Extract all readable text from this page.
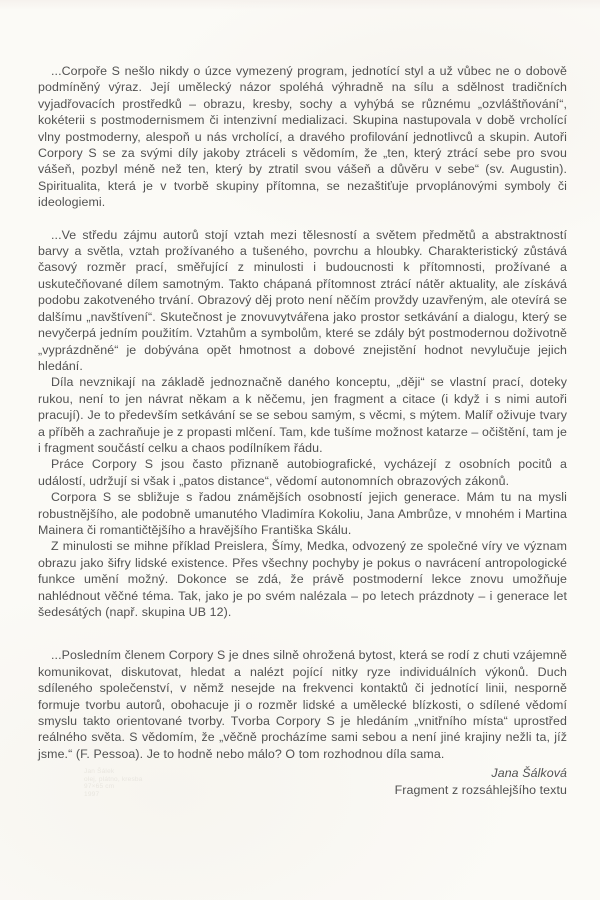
...Corpoře S nešlo nikdy o úzce vymezený program, jednotící styl a už vůbec ne o dobově podmíněný výraz. Její umělecký názor spoléhá výhradně na sílu a sdělnost tradičních vyjadřovacích prostředků – obrazu, kresby, sochy a vyhýbá se různému „ozvláštňování“, kokéterii s postmodernismem či intenzivní medializaci. Skupina nastupovala v době vrcholící vlny postmoderny, alespoň u nás vrcholící, a dravého profilování jednotlivců a skupin. Autoři Corpory S se za svými díly jakoby ztráceli s vědomím, že „ten, který ztrácí sebe pro svou vášeň, pozbyl méně než ten, který by ztratil svou vášeň a důvěru v sebe“ (sv. Augustin). Spiritualita, která je v tvorbě skupiny přítomna, se nezaštiťuje prvoplánovými symboly či ideologiemi.

...Ve středu zájmu autorů stojí vztah mezi tělesností a světem předmětů a abstraktností barvy a světla, vztah prožívaného a tušeného, povrchu a hloubky. Charakteristický zůstává časový rozměr prací, směřující z minulosti i budoucnosti k přítomnosti, prožívané a uskutečňované dílem samotným. Takto chápaná přítomnost ztrácí nátěr aktuality, ale získává podobu zakotveného trvání. Obrazový děj proto není něčím provždy uzavřeným, ale otevírá se dalšímu „navštívení“. Skutečnost je znovuvytvářena jako prostor setkávání a dialogu, který se nevyčerpá jedním použitím. Vztahům a symbolům, které se zdály být postmodernou doživotně „vyprázdněné“ je dobývána opět hmotnost a dobové znejistění hodnot nevylučuje jejich hledání.

Díla nevznikají na základě jednoznačně daného konceptu, „ději“ se vlastní prací, doteky rukou, není to jen návrat někam a k něčemu, jen fragment a citace (i když i s nimi autoři pracují). Je to především setkávání se se sebou samým, s věcmi, s mýtem. Malíř oživuje tvary a příběh a zachraňuje je z propasti mlčení. Tam, kde tušíme možnost katarze – očištění, tam je i fragment součástí celku a chaos podílníkem řádu.

Práce Corpory S jsou často přiznaně autobiografické, vycházejí z osobních pocitů a událostí, udržují si však i „patos distance“, vědomí autonomních obrazových zákonů.

Corpora S se sbližuje s řadou známějších osobností jejich generace. Mám tu na mysli robustnějšího, ale podobně umanutého Vladimíra Kokoliu, Jana Ambrůze, v mnohém i Martina Mainera či romantičtějšího a hravějšího Františka Skálu.

Z minulosti se mihne příklad Preislera, Šímy, Medka, odvozený ze společné víry ve význam obrazu jako šifry lidské existence. Přes všechny pochyby je pokus o navrácení antropologické funkce umění možný. Dokonce se zdá, že právě postmoderní lekce znovu umožňuje nahlédnout věčné téma. Tak, jako je po svém nalézala – po letech prázdnoty – i generace let šedesátých (např. skupina UB 12).

...Posledním členem Corpory S je dnes silně ohrožená bytost, která se rodí z chuti vzájemně komunikovat, diskutovat, hledat a nalézt pojící nitky ryze individuálních výkonů. Duch sdíleného společenství, v němž nesejde na frekvenci kontaktů či jednotící linii, nesporně formuje tvorbu autorů, obohacuje ji o rozměr lidské a umělecké blízkosti, o sdílené vědomí smyslu takto orientované tvorby. Tvorba Corpory S je hledáním „vnitřního místa“ uprostřed reálného světa. S vědomím, že „věčně procházíme sami sebou a není jiné krajiny nežli ta, jíž jsme.“ (F. Pessoa). Je to hodně nebo málo? O tom rozhodnou díla sama.

Jana Šálková
Fragment z rozsáhlejšího textu
Jan Šálek
olej, plátno, kresba
97×65 cm
1997
